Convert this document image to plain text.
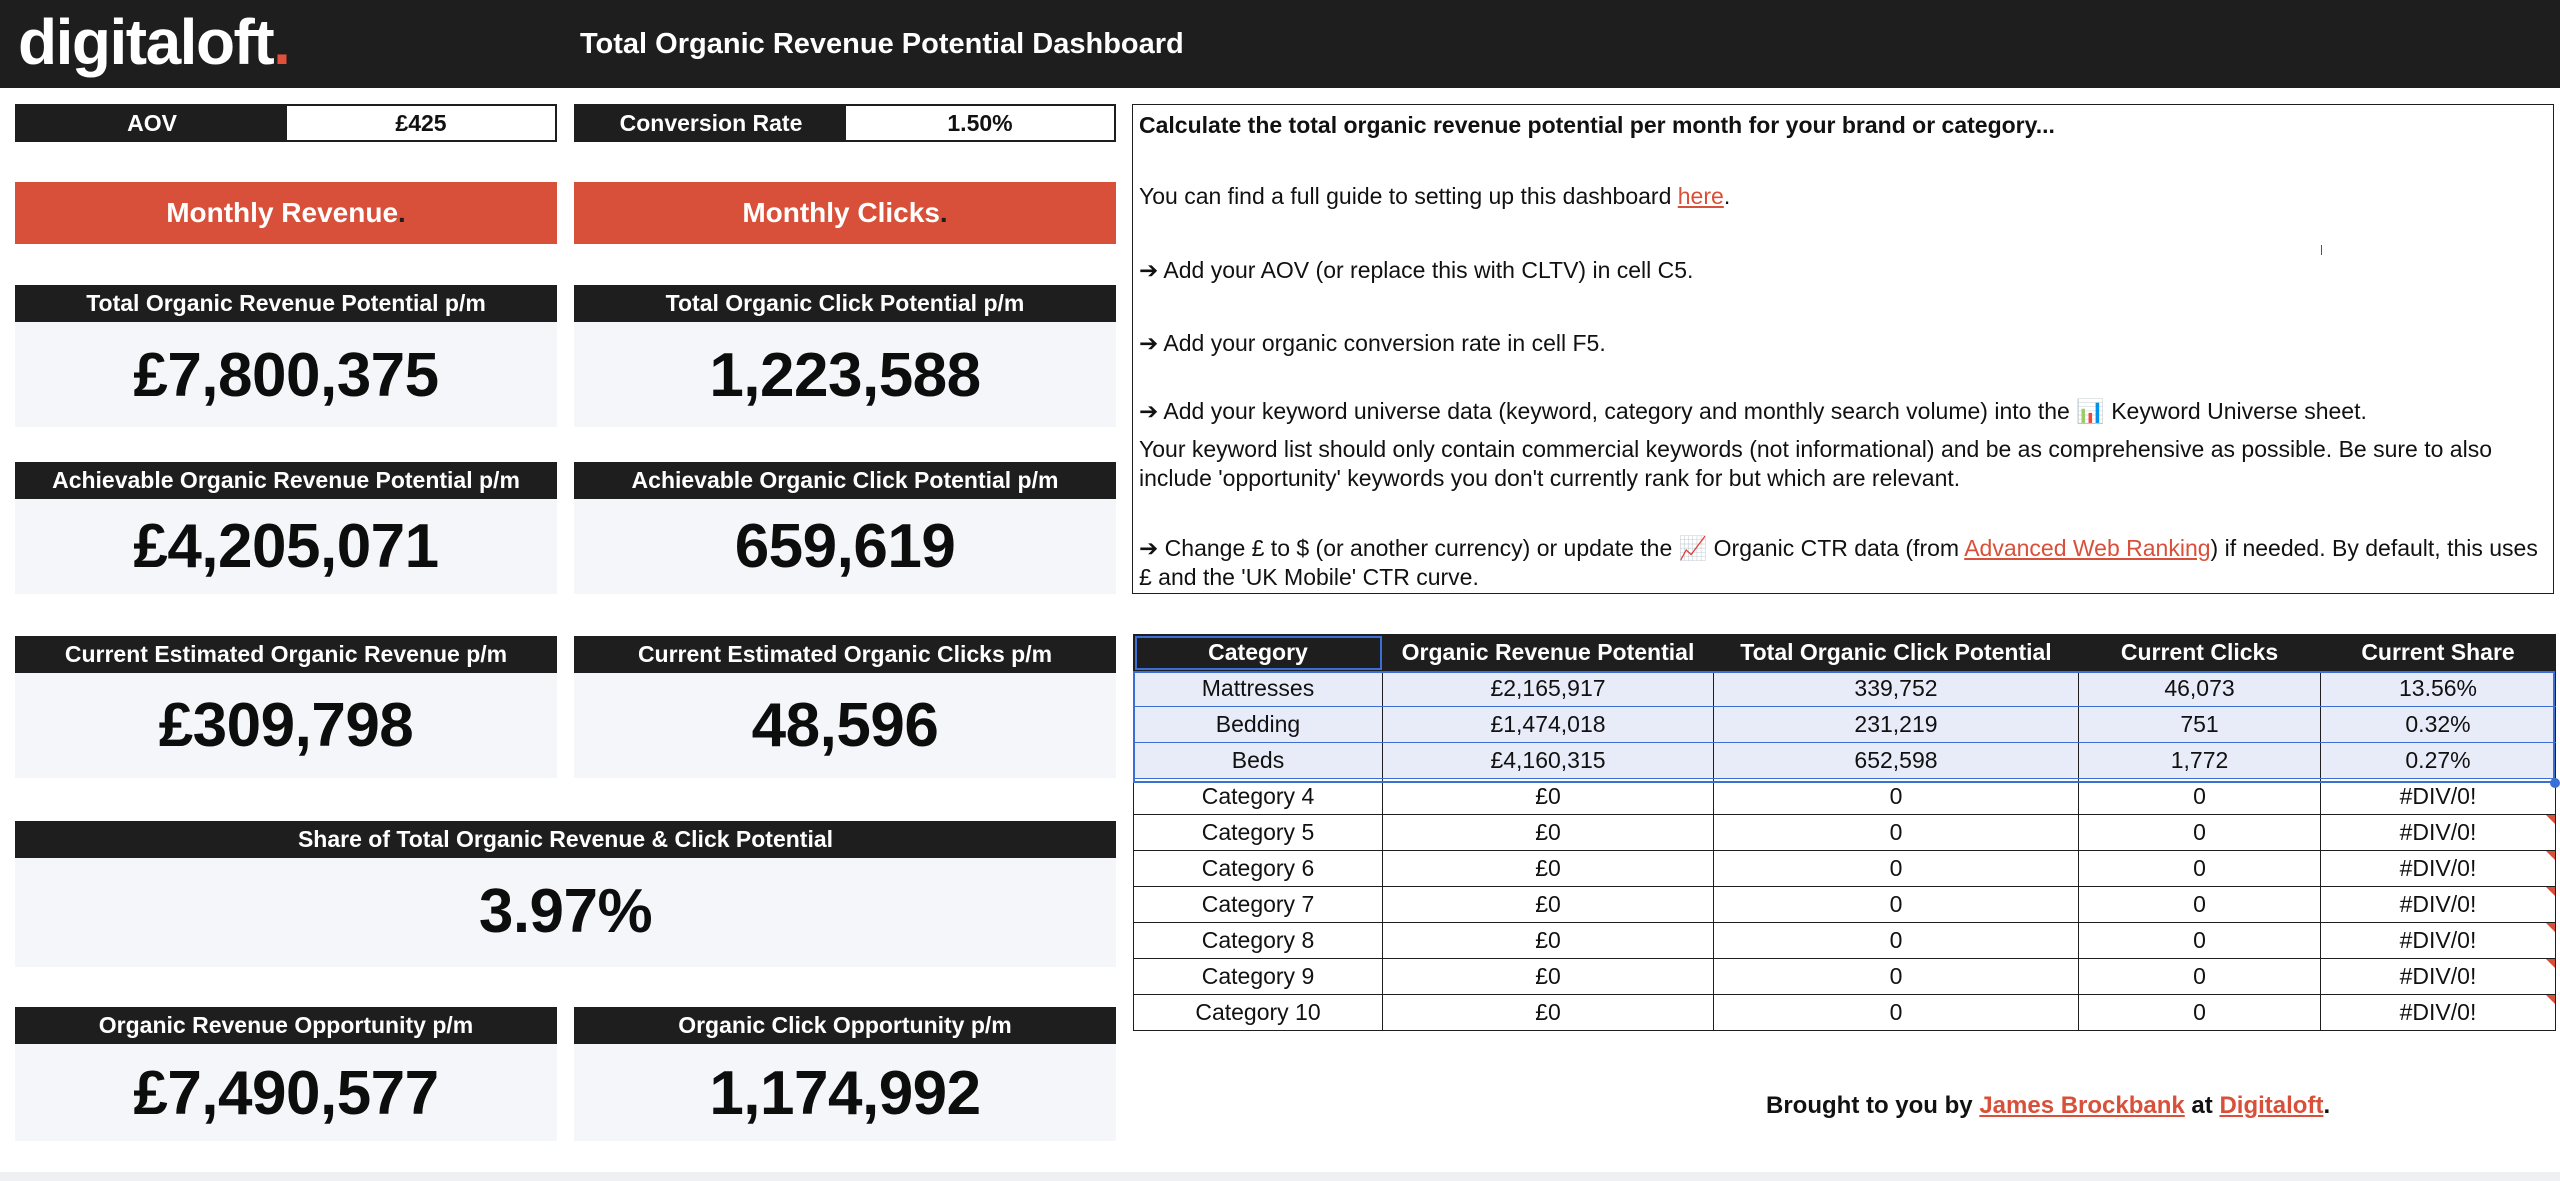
digitaloft.	Total Organic Revenue Potential Dashboard
AOV	£425	Conversion Rate	1.50%
Monthly Revenue .	Monthly Clicks .
Total Organic Revenue Potential p/m
£7,800,375
Total Organic Click Potential p/m
1,223,588
Achievable Organic Revenue Potential p/m
£4,205,071
Achievable Organic Click Potential p/m
659,619
Current Estimated Organic Revenue p/m
£309,798
Current Estimated Organic Clicks p/m
48,596
Share of Total Organic Revenue & Click Potential
3.97%
Organic Revenue Opportunity p/m
£7,490,577
Organic Click Opportunity p/m
1,174,992

Calculate the total organic revenue potential per month for your brand or category...

You can find a full guide to setting up this dashboard here.

➔ Add your AOV (or replace this with CLTV) in cell C5.

➔ Add your organic conversion rate in cell F5.

➔ Add your keyword universe data (keyword, category and monthly search volume) into the 📊 Keyword Universe sheet.

Your keyword list should only contain commercial keywords (not informational) and be as comprehensive as possible. Be sure to also include 'opportunity' keywords you don't currently rank for but which are relevant.

➔ Change £ to $ (or another currency) or update the 📈 Organic CTR data (from Advanced Web Ranking) if needed. By default, this uses £ and the 'UK Mobile' CTR curve.

Category	Organic Revenue Potential	Total Organic Click Potential	Current Clicks	Current Share
Mattresses	£2,165,917	339,752	46,073	13.56%
Bedding	£1,474,018	231,219	751	0.32%
Beds	£4,160,315	652,598	1,772	0.27%
Category 4	£0	0	0	#DIV/0!
Category 5	£0	0	0	#DIV/0!
Category 6	£0	0	0	#DIV/0!
Category 7	£0	0	0	#DIV/0!
Category 8	£0	0	0	#DIV/0!
Category 9	£0	0	0	#DIV/0!
Category 10	£0	0	0	#DIV/0!
Brought to you by James Brockbank at Digitaloft.
